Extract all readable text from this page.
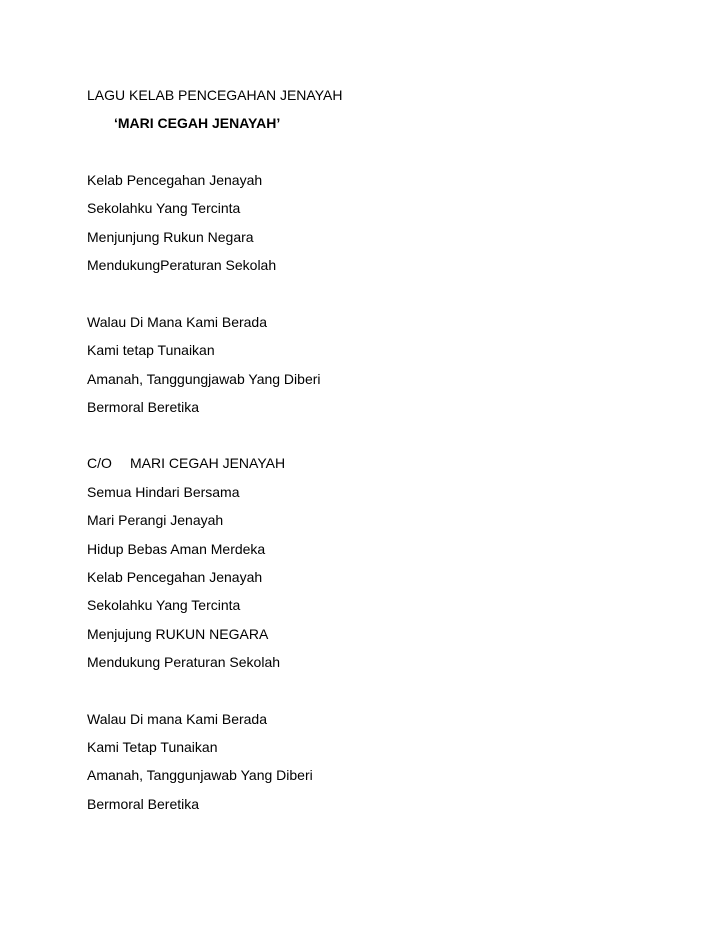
LAGU KELAB PENCEGAHAN JENAYAH
‘MARI CEGAH JENAYAH’
Kelab Pencegahan Jenayah
Sekolahku Yang Tercinta
Menjunjung Rukun Negara
MendukungPeraturan Sekolah
Walau Di Mana Kami Berada
Kami tetap Tunaikan
Amanah, Tanggungjawab Yang Diberi
Bermoral Beretika
C/O MARI CEGAH JENAYAH
Semua Hindari Bersama
Mari Perangi Jenayah
Hidup Bebas Aman Merdeka
Kelab Pencegahan Jenayah
Sekolahku Yang Tercinta
Menjujung RUKUN NEGARA
Mendukung Peraturan Sekolah
Walau Di mana Kami Berada
Kami Tetap Tunaikan
Amanah, Tanggunjawab Yang Diberi
Bermoral Beretika
